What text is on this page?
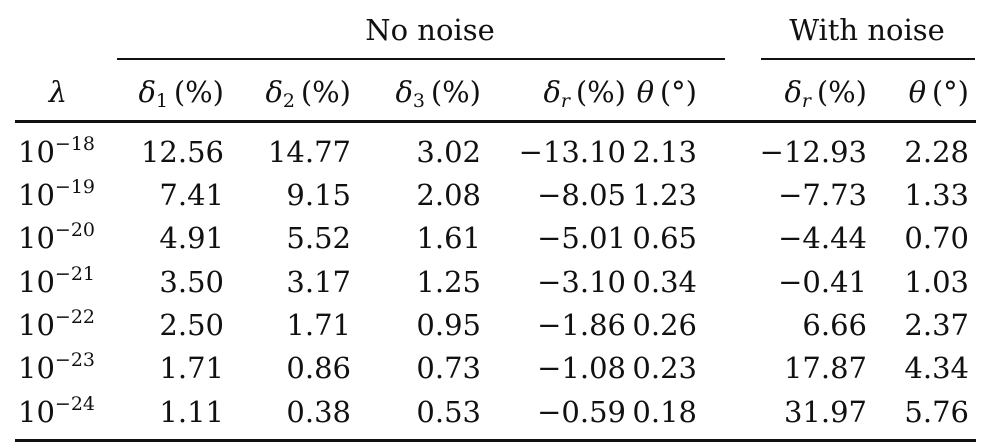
No noise	With noise
λ	$\delta_1$  (%) $\delta_2$  (%) $\delta_3$  (%) $\delta_r$  (%) θ  (°)	$\delta_r$  (%) θ  (°)
$10^{-18}$ 12.56 14.77 3.02 −13.10 2.13 −12.93 2.28
$10^{-19}$ 7.41 9.15 2.08 −8.05 1.23	−7.73 1.33
$10^{-20}$ 4.91 5.52 1.61 −5.01 0.65	−4.44 0.70
$10^{-21}$ 3.50 3.17 1.25 −3.10 0.34	−0.41 1.03
$10^{-22}$ 2.50 1.71 0.95 −1.86 0.26	6.66 2.37
$10^{-23}$ 1.71 0.86 0.73 −1.08 0.23	17.87 4.34
$10^{-24}$ 1.11 0.38 0.53 −0.59 0.18	31.97 5.76
